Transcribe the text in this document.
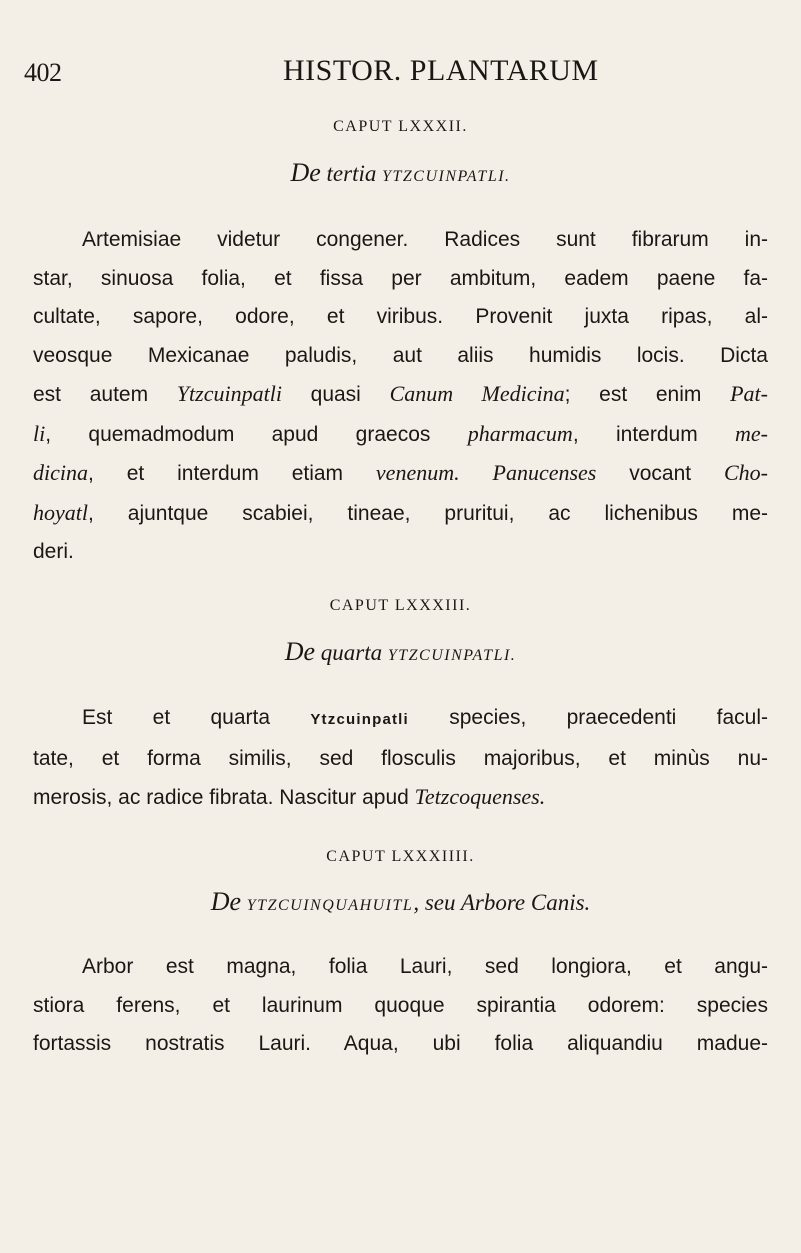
402	HISTOR. PLANTARUM
CAPUT LXXXII.
De tertia YTZCUINPATLI.
Artemisiae videtur congener. Radices sunt fibrarum in-
star, sinuosa folia, et fissa per ambitum, eadem paene fa-
cultate, sapore, odore, et viribus. Provenit juxta ripas, al-
veosque Mexicanae paludis, aut aliis humidis locis. Dicta
est autem Ytzcuinpatli quasi Canum Medicina; est enim Pat-
li, quemadmodum apud graecos pharmacum, interdum me-
dicina, et interdum etiam venenum. Panucenses vocant Cho-
hoyatl, ajuntque scabiei, tineae, pruritui, ac lichenibus me-
deri.
CAPUT LXXXIII.
De quarta YTZCUINPATLI.
Est et quarta Ytzcuinpatli species, praecedenti facul-
tate, et forma similis, sed flosculis majoribus, et minùs nu-
merosis, ac radice fibrata. Nascitur apud Tetzcoquenses.
CAPUT LXXXIIII.
De YTZCUINQUAHUITL, seu Arbore Canis.
Arbor est magna, folia Lauri, sed longiora, et angu-
stiora ferens, et laurinum quoque spirantia odorem: species
fortassis nostratis Lauri. Aqua, ubi folia aliquandiu madue-
